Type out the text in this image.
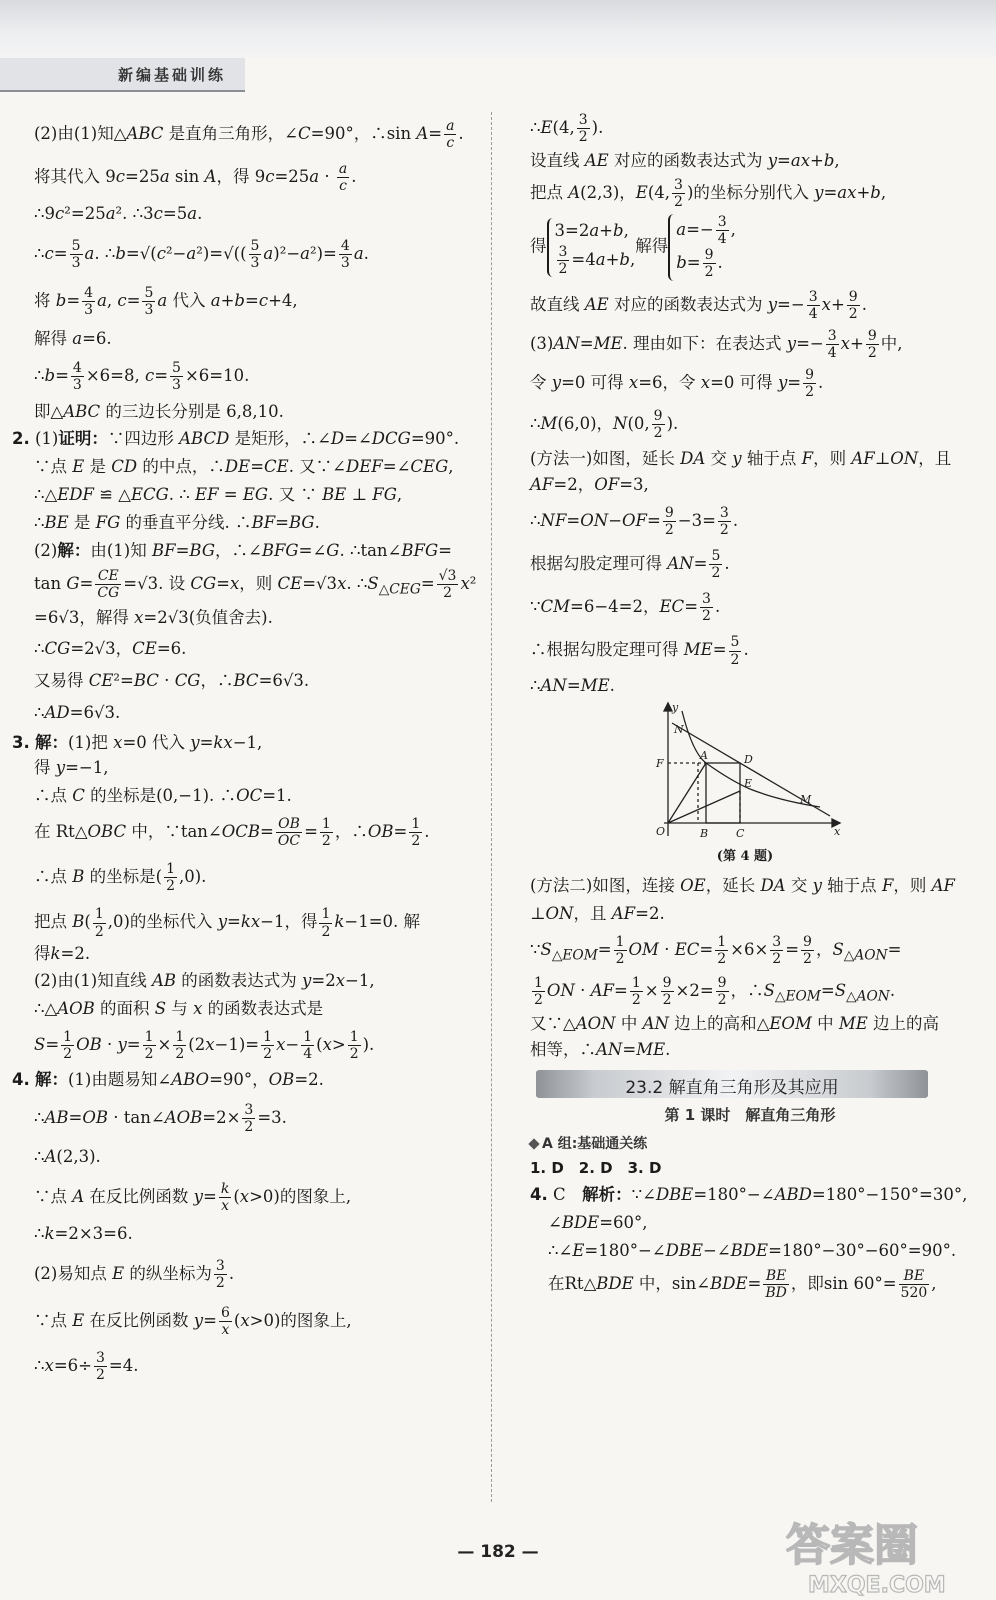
新编基础训练
(2)由(1)知△ABC 是直角三角形，∠C=90°，∴sin $A= \frac{a}{c}$ .
将其代入 9c=25a sin A，得 $9c=25a \cdot \frac{a}{c}$ .
∴9c²=25a². ∴3c=5a.
∴c= $\frac{5}{3} a$. ∴b=√(c²−a²)=√(( $\frac{5}{3} a)^2-a^2)= \frac{4}{3} a$.
将 $b= \frac{4}{3} a$, $c= \frac{5}{3}$ a 代入 a+b=c+4,
解得 a=6.
∴b= $\frac{4}{3} \times 6=8$, $c= \frac{5}{3} \times 6=10$.
即△ABC 的三边长分别是 6,8,10.
2. (1)证明：∵四边形 ABCD 是矩形，∴∠D=∠DCG=90°.
∵点 E 是 CD 的中点，∴DE=CE. 又∵∠DEF=∠CEG,
∴△EDF ≌ △ECG. ∴ EF = EG. 又 ∵ BE ⊥ FG,
∴BE 是 FG 的垂直平分线. ∴BF=BG.
(2)解：由(1)知 BF=BG，∴∠BFG=∠G. ∴tan∠BFG=
$\tan G= \frac{CE}{CG} =√3$. 设 CG=x，则 CE=√3x. $\therefore S_{\triangle CEG}= \frac{√3}{2} x^2$
=6√3，解得 x=2√3(负值舍去).
∴CG=2√3，CE=6.
又易得 CE²=BC · CG，∴BC=6√3.
∴AD=6√3.
3. 解：(1)把 x=0 代入 y=kx−1,
得 y=−1,
∴点 C 的坐标是(0,−1). ∴OC=1.
在 Rt△OBC 中，∵tan∠OCB= $\frac{OB}{OC} = \frac{1}{2}$ ，∴OB= $\frac{1}{2}$ .
∴点 B 的坐标是( $\frac{1}{2} ,0$).
把点 $B( \frac{1}{2} ,0)$的坐标代入 y=kx−1，得 $\frac{1}{2} k-1=0$. 解
得k=2.
(2)由(1)知直线 AB 的函数表达式为 y=2x−1,
∴△AOB 的面积 S 与 x 的函数表达式是
$S= \frac{1}{2}$ OB · $y= \frac{1}{2} \times \frac{1}{2} (2x-1)= \frac{1}{2} x- \frac{1}{4} (x> \frac{1}{2}$ ).
4. 解：(1)由题易知∠ABO=90°，OB=2.
∴AB=OB · tan∠AOB=2× $\frac{3}{2} =3$.
∴A(2,3).
∵点 A 在反比例函数 $y= \frac{k}{x} (x>0)$的图象上,
∴k=2×3=6.
(2)易知点 E 的纵坐标为 $\frac{3}{2}$ .
∵点 E 在反比例函数 $y= \frac{6}{x} (x>0)$的图象上,
∴x=6÷ $\frac{3}{2} =4$.
∴E(4, $\frac{3}{2}$ ).
设直线 AE 对应的函数表达式为 y=ax+b,
把点 A(2,3)，E(4, $\frac{3}{2}$ )的坐标分别代入 y=ax+b,
得
3=2a+b,
$\frac{3}{2} =4a+b$,
解得
$a=- \frac{3}{4}$ ,
$b= \frac{9}{2}$ .
故直线 AE 对应的函数表达式为 $y=- \frac{3}{4} x+ \frac{9}{2}$ .
(3)AN=ME. 理由如下：在表达式 $y=- \frac{3}{4} x+ \frac{9}{2}$ 中,
令 y=0 可得 x=6，令 x=0 可得 $y= \frac{9}{2}$ .
∴M(6,0)，N(0, $\frac{9}{2}$ ).
(方法一)如图，延长 DA 交 y 轴于点 F，则 AF⊥ON，且
AF=2，OF=3,
∴NF=ON−OF= $\frac{9}{2} -3= \frac{3}{2}$ .
根据勾股定理可得 $AN= \frac{5}{2}$ .
∵CM=6−4=2，$EC= \frac{3}{2}$ .
∴根据勾股定理可得 $ME= \frac{5}{2}$ .
∴AN=ME.
N
A	D
F
E
M
O	B	C	x
y
(第 4 题)
(方法二)如图，连接 OE，延长 DA 交 y 轴于点 F，则 AF
⊥ON，且 AF=2.
$\because S_{\triangle EOM}= \frac{1}{2}$ OM · $EC= \frac{1}{2} \times 6\times \frac{3}{2} = \frac{9}{2}$ ，$S_{\triangle AON}=$
$\frac{1}{2}$ ON · $AF= \frac{1}{2} \times \frac{9}{2} \times 2= \frac{9}{2}$ ，$\therefore S_{\triangle EOM}=S_{\triangle AON}$.
又∵△AON 中 AN 边上的高和△EOM 中 ME 边上的高
相等，∴AN=ME.
23.2 解直角三角形及其应用
第 1 课时　解直角三角形
A 组:基础通关练
1. D　2. D　3. D
4. C　解析：∵∠DBE=180°−∠ABD=180°−150°=30°,
∠BDE=60°,
∴∠E=180°−∠DBE−∠BDE=180°−30°−60°=90°.
在Rt△BDE 中，sin∠BDE= $\frac{BE}{BD}$ ，即$\sin 60^\circ= \frac{BE}{520}$ ,
— 182 —	答案圈
MXQE.COM
